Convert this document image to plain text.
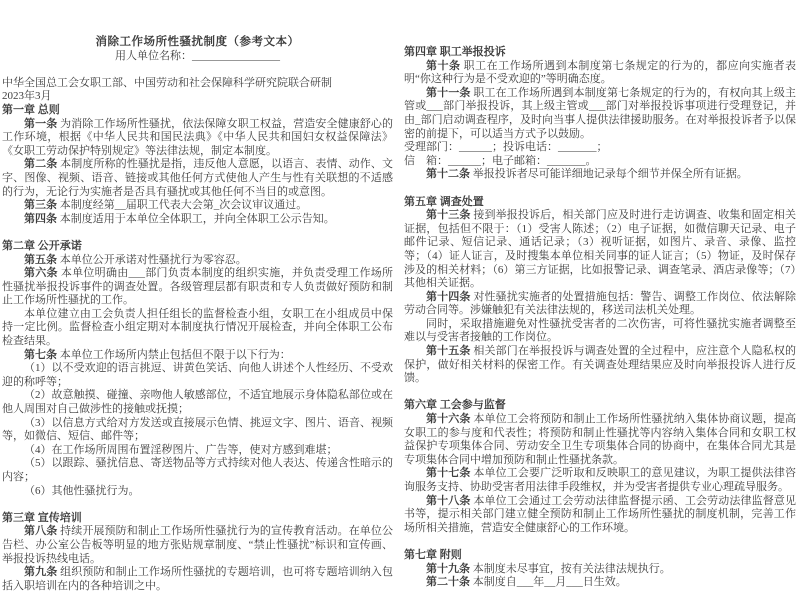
消除工作场所性骚扰制度（参考文本）
用人单位名称：________________
中华全国总工会女职工部、中国劳动和社会保障科学研究院联合研制
2023年3月
第一章 总则

第一条 为消除工作场所性骚扰，依法保障女职工权益，营造安全健康舒心的工作环境，根据《中华人民共和国民法典》《中华人民共和国妇女权益保障法》《女职工劳动保护特别规定》等法律法规，制定本制度。

第二条 本制度所称的性骚扰是指，违反他人意愿，以语言、表情、动作、文字、图像、视频、语音、链接或其他任何方式使他人产生与性有关联想的不适感的行为，无论行为实施者是否具有骚扰或其他任何不当目的或意图。

第三条 本制度经第__届职工代表大会第_次会议审议通过。

第四条 本制度适用于本单位全体职工，并向全体职工公示告知。

第二章 公开承诺

第五条 本单位公开承诺对性骚扰行为零容忍。

第六条 本单位明确由___部门负责本制度的组织实施，并负责受理工作场所性骚扰举报投诉事件的调查处置。各级管理层都有职责和专人负责做好预防和制止工作场所性骚扰的工作。

本单位建立由工会负责人担任组长的监督检查小组，女职工在小组成员中保持一定比例。监督检查小组定期对本制度执行情况开展检查，并向全体职工公布检查结果。

第七条 本单位工作场所内禁止包括但不限于以下行为：

（1）以不受欢迎的语言挑逗、讲黄色笑话、向他人讲述个人性经历、不受欢迎的称呼等；

（2）故意触摸、碰撞、亲吻他人敏感部位，不适宜地展示身体隐私部位或在他人周围对自己做涉性的接触或抚摸；

（3）以信息方式给对方发送或直接展示色情、挑逗文字、图片、语音、视频等，如微信、短信、邮件等；

（4）在工作场所周围布置淫秽图片、广告等，使对方感到难堪；

（5）以跟踪、骚扰信息、寄送物品等方式持续对他人表达、传递含性暗示的内容；

（6）其他性骚扰行为。

第三章 宣传培训

第八条 持续开展预防和制止工作场所性骚扰行为的宣传教育活动。在单位公告栏、办公室公告板等明显的地方张贴规章制度、“禁止性骚扰”标识和宣传画、举报投诉热线电话。

第九条 组织预防和制止工作场所性骚扰的专题培训，也可将专题培训纳入包括入职培训在内的各种培训之中。

第四章 职工举报投诉

第十条 职工在工作场所遇到本制度第七条规定的行为的，都应向实施者表明“你这种行为是不受欢迎的”等明确态度。

第十一条 职工在工作场所遇到本制度第七条规定的行为的，有权向其上级主管或___部门举报投诉，其上级主管或___部门对举报投诉事项进行受理登记，并由_部门启动调查程序，及时向当事人提供法律援助服务。在对举报投诉者予以保密的前提下，可以适当方式予以鼓励。

受理部门：______；投诉电话：_______；

信　箱：______；电子邮箱：_______。

第十二条 举报投诉者尽可能详细地记录每个细节并保全所有证据。

第五章 调查处置

第十三条 接到举报投诉后，相关部门应及时进行走访调查、收集和固定相关证据，包括但不限于：（1）受害人陈述；（2）电子证据，如微信聊天记录、电子邮件记录、短信记录、通话记录；（3）视听证据，如图片、录音、录像、监控等；（4）证人证言，及时搜集本单位相关同事的证人证言；（5）物证，及时保存涉及的相关材料；（6）第三方证据，比如报警记录、调查笔录、酒店录像等；（7）其他相关证据。

第十四条 对性骚扰实施者的处置措施包括：警告、调整工作岗位、依法解除劳动合同等。涉嫌触犯有关法律法规的，移送司法机关处理。

同时，采取措施避免对性骚扰受害者的二次伤害，可将性骚扰实施者调整至难以与受害者接触的工作岗位。

第十五条 相关部门在举报投诉与调查处置的全过程中，应注意个人隐私权的保护，做好相关材料的保密工作。有关调查处理结果应及时向举报投诉人进行反馈。

第六章 工会参与监督

第十六条 本单位工会将预防和制止工作场所性骚扰纳入集体协商议题，提高女职工的参与度和代表性；将预防和制止性骚扰等内容纳入集体合同和女职工权益保护专项集体合同、劳动安全卫生专项集体合同的协商中，在集体合同尤其是专项集体合同中增加预防和制止性骚扰条款。

第十七条 本单位工会要广泛听取和反映职工的意见建议，为职工提供法律咨询服务支持、协助受害者用法律手段维权，并为受害者提供专业心理疏导服务。

第十八条 本单位工会通过工会劳动法律监督提示函、工会劳动法律监督意见书等，提示相关部门建立健全预防和制止工作场所性骚扰的制度机制，完善工作场所相关措施，营造安全健康舒心的工作环境。

第七章 附则

第十九条 本制度未尽事宜，按有关法律法规执行。

第二十条 本制度自___年__月___日生效。
